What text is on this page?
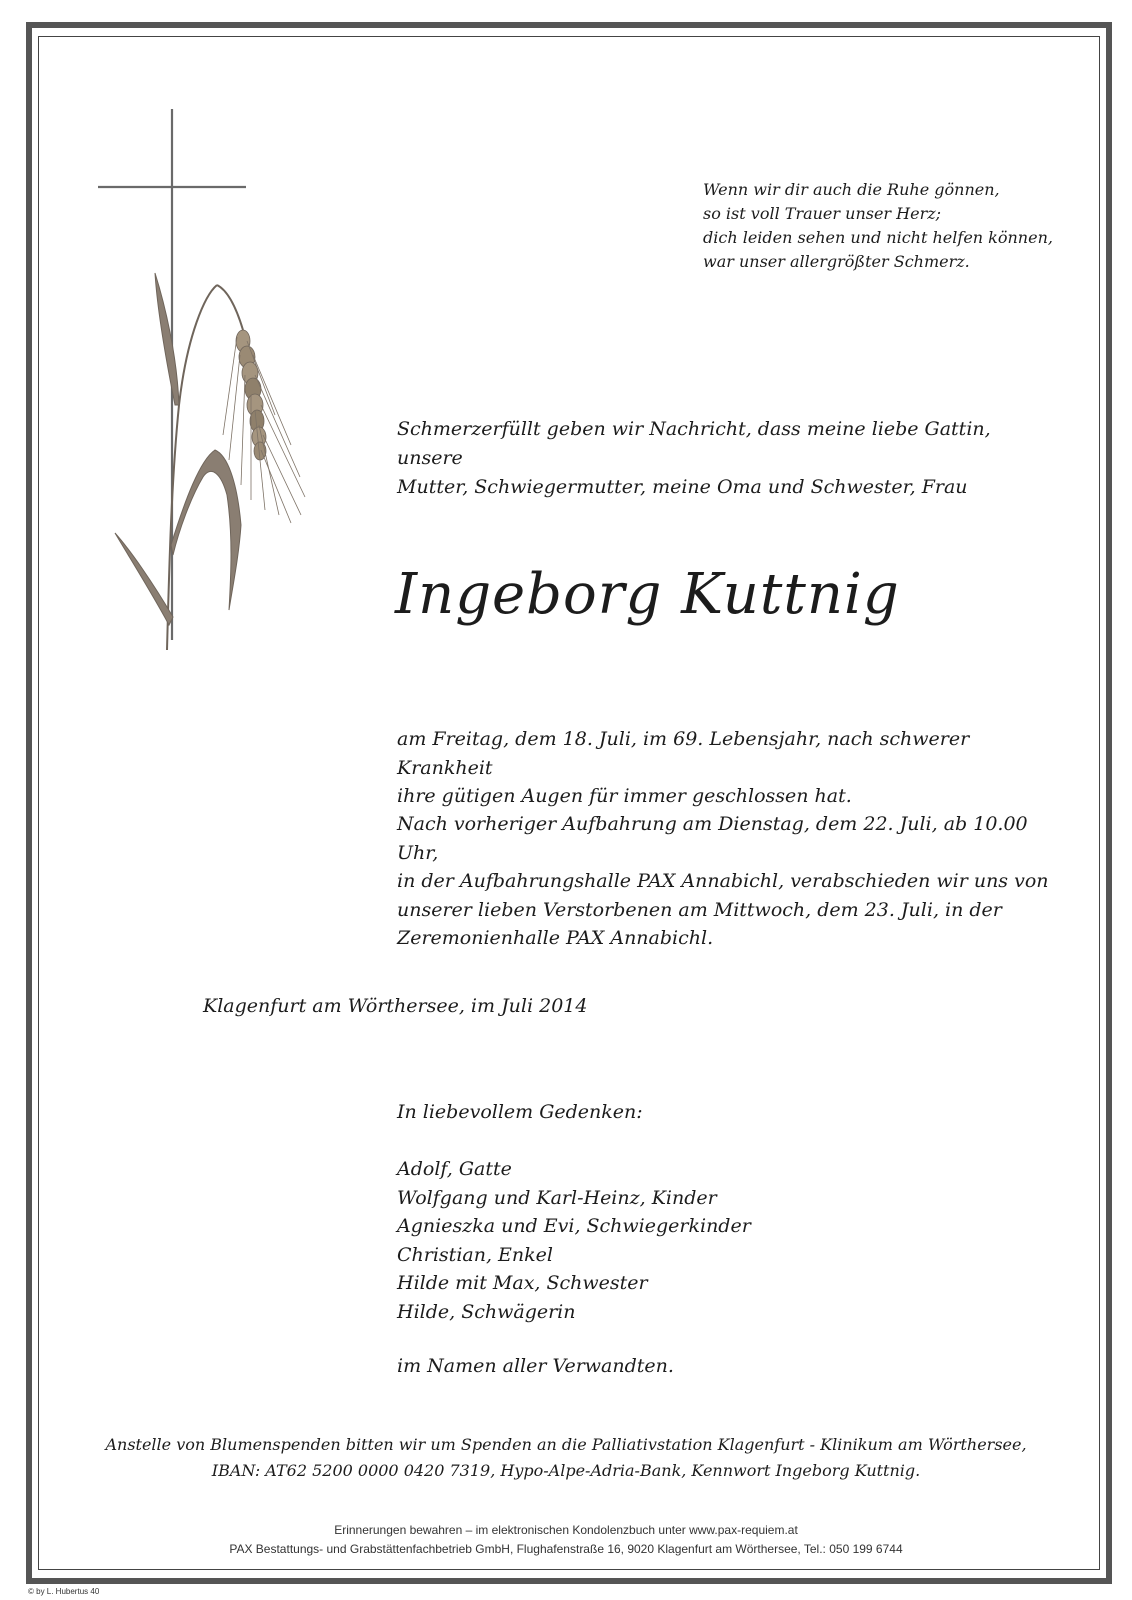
Wenn wir dir auch die Ruhe gönnen,
so ist voll Trauer unser Herz;
dich leiden sehen und nicht helfen können,
war unser allergrößter Schmerz.
Schmerzerfüllt geben wir Nachricht, dass meine liebe Gattin, unsere
Mutter, Schwiegermutter, meine Oma und Schwester, Frau
Ingeborg Kuttnig
am Freitag, dem 18. Juli, im 69. Lebensjahr, nach schwerer Krankheit
ihre gütigen Augen für immer geschlossen hat.
Nach vorheriger Aufbahrung am Dienstag, dem 22. Juli, ab 10.00 Uhr,
in der Aufbahrungshalle PAX Annabichl, verabschieden wir uns von
unserer lieben Verstorbenen am Mittwoch, dem 23. Juli, in der
Zeremonienhalle PAX Annabichl.
Klagenfurt am Wörthersee, im Juli 2014
In liebevollem Gedenken:
Adolf, Gatte
Wolfgang und Karl-Heinz, Kinder
Agnieszka und Evi, Schwiegerkinder
Christian, Enkel
Hilde mit Max, Schwester
Hilde, Schwägerin
im Namen aller Verwandten.
Anstelle von Blumenspenden bitten wir um Spenden an die Palliativstation Klagenfurt - Klinikum am Wörthersee,
IBAN: AT62 5200 0000 0420 7319, Hypo-Alpe-Adria-Bank, Kennwort Ingeborg Kuttnig.
Erinnerungen bewahren – im elektronischen Kondolenzbuch unter www.pax-requiem.at
PAX Bestattungs- und Grabstättenfachbetrieb GmbH, Flughafenstraße 16, 9020 Klagenfurt am Wörthersee, Tel.: 050 199 6744
© by L. Hubertus 40
